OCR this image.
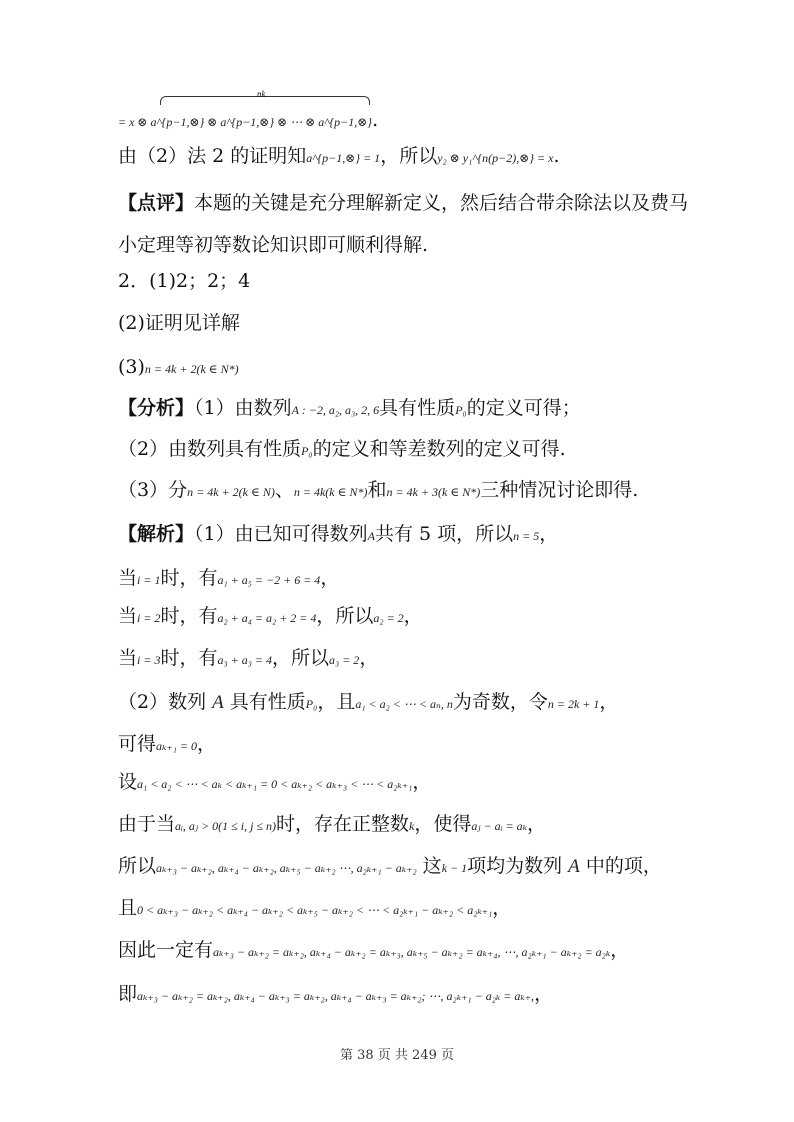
= x ⊗
nk
a^{p−1,⊗} ⊗ a^{p−1,⊗} ⊗ ⋯ ⊗ a^{p−1,⊗}.
由（2）法 2 的证明知a^{p−1,⊗} = 1，所以y₂ ⊗ y₁^{n(p−2),⊗} = x.
【点评】本题的关键是充分理解新定义，然后结合带余除法以及费马
小定理等初等数论知识即可顺利得解.
2．(1)2；2；4
(2)证明见详解
(3)n = 4k + 2(k ∈ N*)
【分析】（1）由数列A : −2, a₂, a₃, 2, 6具有性质P₀的定义可得；
（2）由数列具有性质P₀的定义和等差数列的定义可得.
（3）分n = 4k + 2(k ∈ N)、n = 4k(k ∈ N*)和n = 4k + 3(k ∈ N*)三种情况讨论即得.
【解析】（1）由已知可得数列A共有 5 项，所以n = 5，
当i = 1时，有a₁ + a₅ = −2 + 6 = 4，
当i = 2时，有a₂ + a₄ = a₂ + 2 = 4，所以a₂ = 2，
当i = 3时，有a₃ + a₃ = 4，所以a₃ = 2，
（2）数列 A 具有性质P₀，且a₁ < a₂ < ⋯ < aₙ, n为奇数，令n = 2k + 1，
可得aₖ₊₁ = 0，
设a₁ < a₂ < ⋯ < aₖ < aₖ₊₁ = 0 < aₖ₊₂ < aₖ₊₃ < ⋯ < a₂ₖ₊₁，
由于当aᵢ, aⱼ > 0(1 ≤ i, j ≤ n)时，存在正整数k，使得aⱼ − aᵢ = aₖ，
所以aₖ₊₃ − aₖ₊₂, aₖ₊₄ − aₖ₊₂, aₖ₊₅ − aₖ₊₂ ⋯, a₂ₖ₊₁ − aₖ₊₂ 这k − 1项均为数列 A 中的项，
且0 < aₖ₊₃ − aₖ₊₂ < aₖ₊₄ − aₖ₊₂ < aₖ₊₅ − aₖ₊₂ < ⋯ < a₂ₖ₊₁ − aₖ₊₂ < a₂ₖ₊₁，
因此一定有aₖ₊₃ − aₖ₊₂ = aₖ₊₂, aₖ₊₄ − aₖ₊₂ = aₖ₊₃, aₖ₊₅ − aₖ₊₂ = aₖ₊₄, ⋯, a₂ₖ₊₁ − aₖ₊₂ = a₂ₖ，
即aₖ₊₃ − aₖ₊₂ = aₖ₊₂, aₖ₊₄ − aₖ₊₃ = aₖ₊₂, aₖ₊₄ − aₖ₊₃ = aₖ₊₂; ⋯, a₂ₖ₊₁ − a₂ₖ = aₖ₊,，
第 38 页 共 249 页
